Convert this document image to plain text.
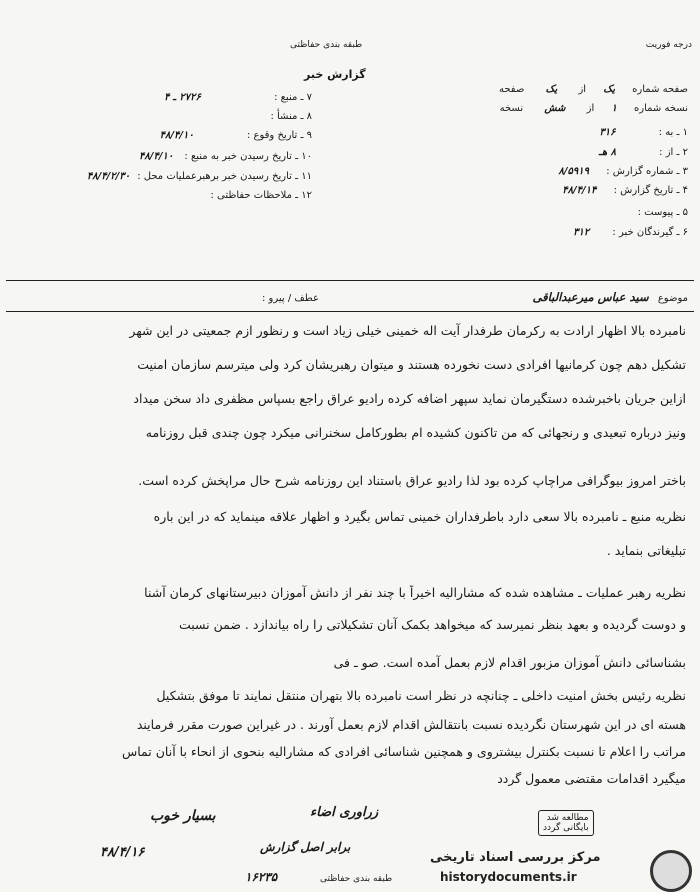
درجه فوریت
طبقه بندی حفاظتی
گزارش خبر
صفحه شماره یک از یک صفحه
نسخه شماره ۱ از شش نسخه
۱ ـ به : ۳۱۶
۲ ـ از : ۸ هـ
۳ ـ شماره گزارش : ۸/۵۹۱۹
۴ ـ تاریخ گزارش : ۴۸/۴/۱۴
۵ ـ پیوست :
۶ ـ گیرندگان خبر : ۳۱۲
۷ ـ منبع : ۲۷۲۶ ـ ۴
۸ ـ منشأ :
۹ ـ تاریخ وقوع : ۴۸/۴/۱۰
۱۰ ـ تاریخ رسیدن خبر به منبع : ۴۸/۴/۱۰
۱۱ ـ تاریخ رسیدن خبر برهبرعملیات محل : ۴۸/۴/۲/۳۰
۱۲ ـ ملاحظات حفاظتی :
عطف / پیرو :	موضوع سید عباس میرعبدالباقی
نامبرده بالا اظهار ارادت به رکرمان طرفدار آیت اله خمینی خیلی زیاد است و رنظور ازم جمعیتی در این شهر
تشکیل دهم چون کرمانیها افرادی دست نخورده هستند و میتوان رهبریشان کرد ولی میترسم سازمان امنیت
ازاین جریان باخبرشده دستگیرمان نماید سپهر اضافه کرده رادیو عراق راجع بسپاس مظفری داد سخن میداد
ونیز درباره تبعیدی و رنجهائی که من تاکنون کشیده ام بطورکامل سخنرانی میکرد چون چندی قبل روزنامه
باختر امروز بیوگرافی مراچاپ کرده بود لذا رادیو عراق باستناد این روزنامه شرح حال مراپخش کرده است.
نظریه منبع ـ نامبرده بالا سعی دارد باطرفداران خمینی تماس بگیرد و اظهار علاقه مینماید که در این باره
تبلیغاتی بنماید .
نظریه رهبر عملیات ـ مشاهده شده که مشارالیه اخیراً با چند نفر از دانش آموزان دبیرستانهای کرمان آشنا
و دوست گردیده و بعهد بنظر نمیرسد که میخواهد بکمک آنان تشکیلاتی را راه بیاندازد . ضمن نسبت
بشناسائی دانش آموزان مزبور اقدام لازم بعمل آمده است. صو ـ فی
نظریه رئیس بخش امنیت داخلی ـ چنانچه در نظر است نامبرده بالا بتهران منتقل نمایند تا موفق بتشکیل
هسته ای در این شهرستان نگردیده نسبت بانتقالش اقدام لازم بعمل آورند . در غیراین صورت مقرر فرمایند
مراتب را اعلام تا نسبت بکنترل بیشتروی و همچنین شناسائی افرادی که مشارالیه بنحوی از انحاء با آنان تماس
میگیرد اقدامات مقتضی معمول گردد
بسیار خوب	زراوری اضاء
برابر اصل گزارش
۴۸/۴/۱۶
۱۶۲۳۵	طبقه بندی حفاظتی
مطالعه شد
بایگانی گردد
مرکز بررسی اسناد تاریخی
historydocuments.ir
